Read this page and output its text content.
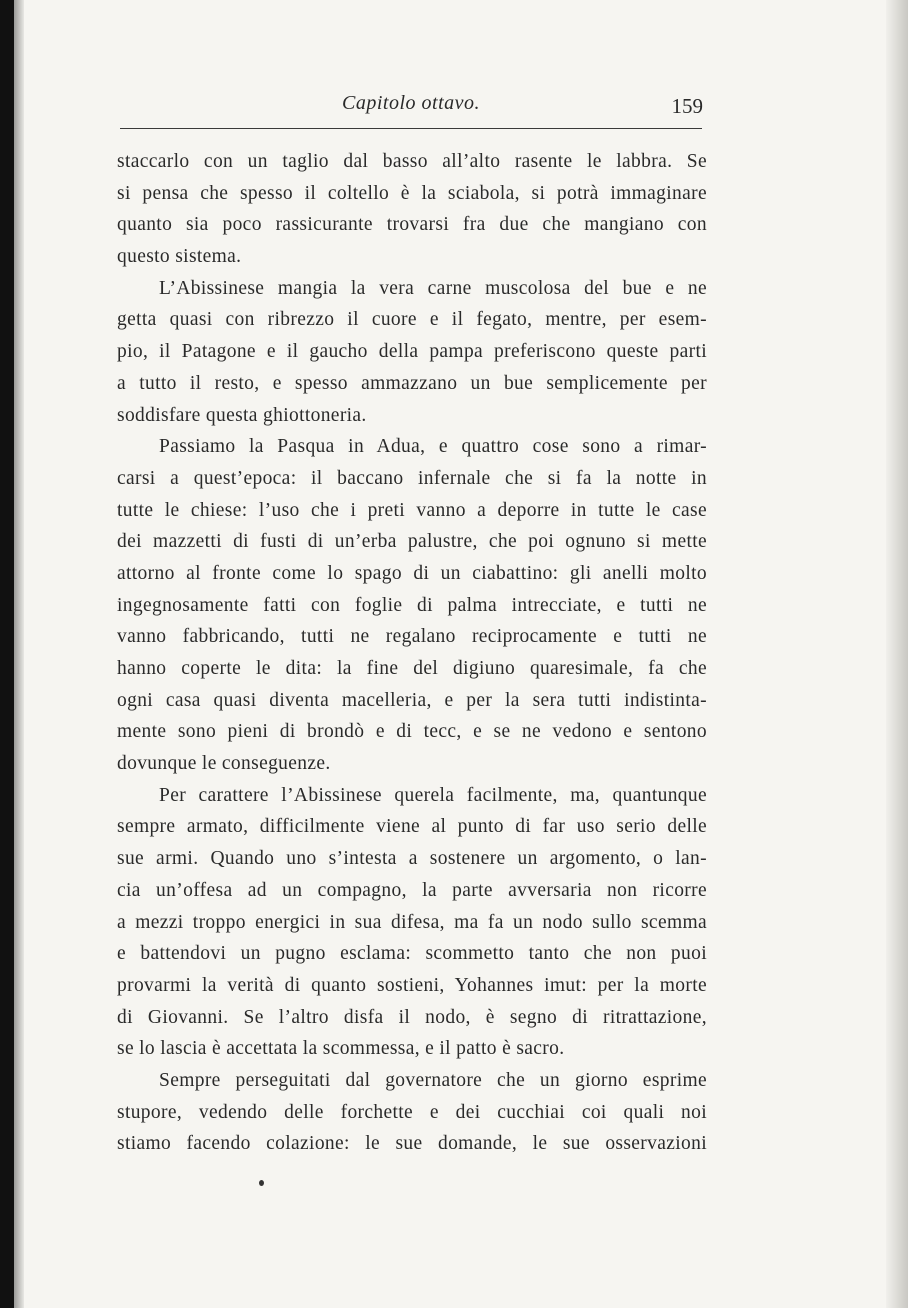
Capitolo ottavo.	159
staccarlo con un taglio dal basso all’alto rasente le labbra. Se
si pensa che spesso il coltello è la sciabola, si potrà immaginare
quanto sia poco rassicurante trovarsi fra due che mangiano con
questo sistema.
L’Abissinese mangia la vera carne muscolosa del bue e ne
getta quasi con ribrezzo il cuore e il fegato, mentre, per esem-
pio, il Patagone e il gaucho della pampa preferiscono queste parti
a tutto il resto, e spesso ammazzano un bue semplicemente per
soddisfare questa ghiottoneria.
Passiamo la Pasqua in Adua, e quattro cose sono a rimar-
carsi a quest’epoca: il baccano infernale che si fa la notte in
tutte le chiese: l’uso che i preti vanno a deporre in tutte le case
dei mazzetti di fusti di un’erba palustre, che poi ognuno si mette
attorno al fronte come lo spago di un ciabattino: gli anelli molto
ingegnosamente fatti con foglie di palma intrecciate, e tutti ne
vanno fabbricando, tutti ne regalano reciprocamente e tutti ne
hanno coperte le dita: la fine del digiuno quaresimale, fa che
ogni casa quasi diventa macelleria, e per la sera tutti indistinta-
mente sono pieni di brondò e di tecc, e se ne vedono e sentono
dovunque le conseguenze.
Per carattere l’Abissinese querela facilmente, ma, quantunque
sempre armato, difficilmente viene al punto di far uso serio delle
sue armi. Quando uno s’intesta a sostenere un argomento, o lan-
cia un’offesa ad un compagno, la parte avversaria non ricorre
a mezzi troppo energici in sua difesa, ma fa un nodo sullo scemma
e battendovi un pugno esclama: scommetto tanto che non puoi
provarmi la verità di quanto sostieni, Yohannes imut: per la morte
di Giovanni. Se l’altro disfa il nodo, è segno di ritrattazione,
se lo lascia è accettata la scommessa, e il patto è sacro.
Sempre perseguitati dal governatore che un giorno esprime
stupore, vedendo delle forchette e dei cucchiai coi quali noi
stiamo facendo colazione: le sue domande, le sue osservazioni
